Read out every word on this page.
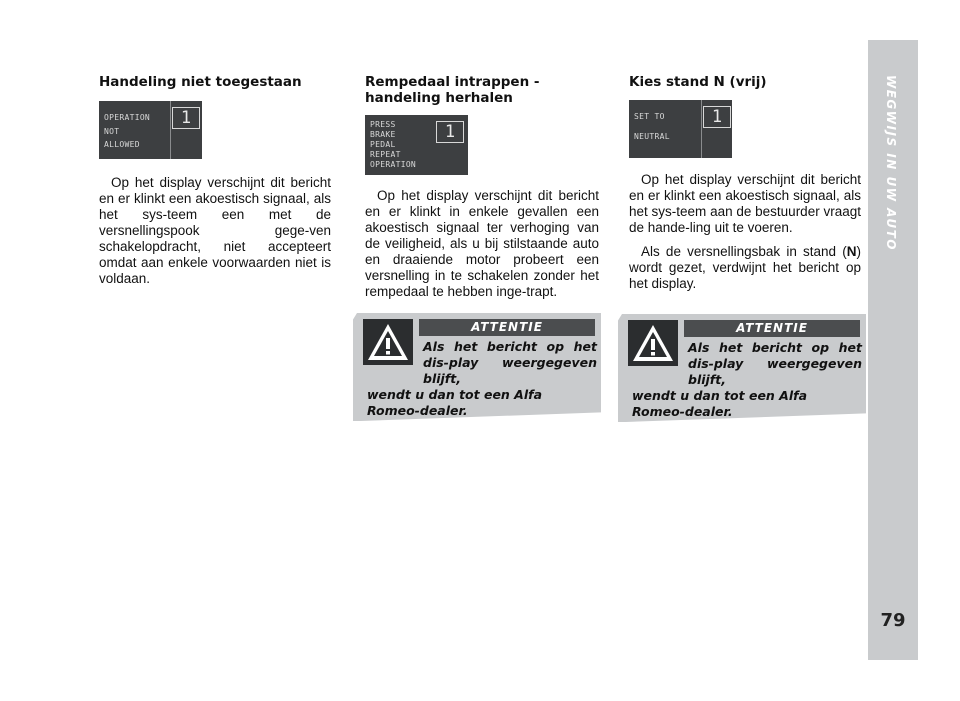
WEGWIJS IN UW AUTO
79
Handeling niet toegestaan
OPERATION
NOT
ALLOWED
1

Op het display verschijnt dit bericht en er klinkt een akoestisch signaal, als het sys-teem een met de versnellingspook gege-ven schakelopdracht, niet accepteert omdat aan enkele voorwaarden niet is voldaan.

Rempedaal intrappen -
handeling herhalen
PRESS
BRAKE
PEDAL
REPEAT
OPERATION
1

Op het display verschijnt dit bericht en er klinkt in enkele gevallen een akoestisch signaal ter verhoging van de veiligheid, als u bij stilstaande auto en draaiende motor probeert een versnelling in te schakelen zonder het rempedaal te hebben inge-trapt.

ATTENTIE
Als het bericht op het dis-play weergegeven blijft,
wendt u dan tot een Alfa Romeo-dealer.
Kies stand N (vrij)
SET TO

NEUTRAL
1

Op het display verschijnt dit bericht en er klinkt een akoestisch signaal, als het sys-teem aan de bestuurder vraagt de hande-ling uit te voeren.

Als de versnellingsbak in stand (N) wordt gezet, verdwijnt het bericht op het display.

ATTENTIE
Als het bericht op het dis-play weergegeven blijft,
wendt u dan tot een Alfa Romeo-dealer.
